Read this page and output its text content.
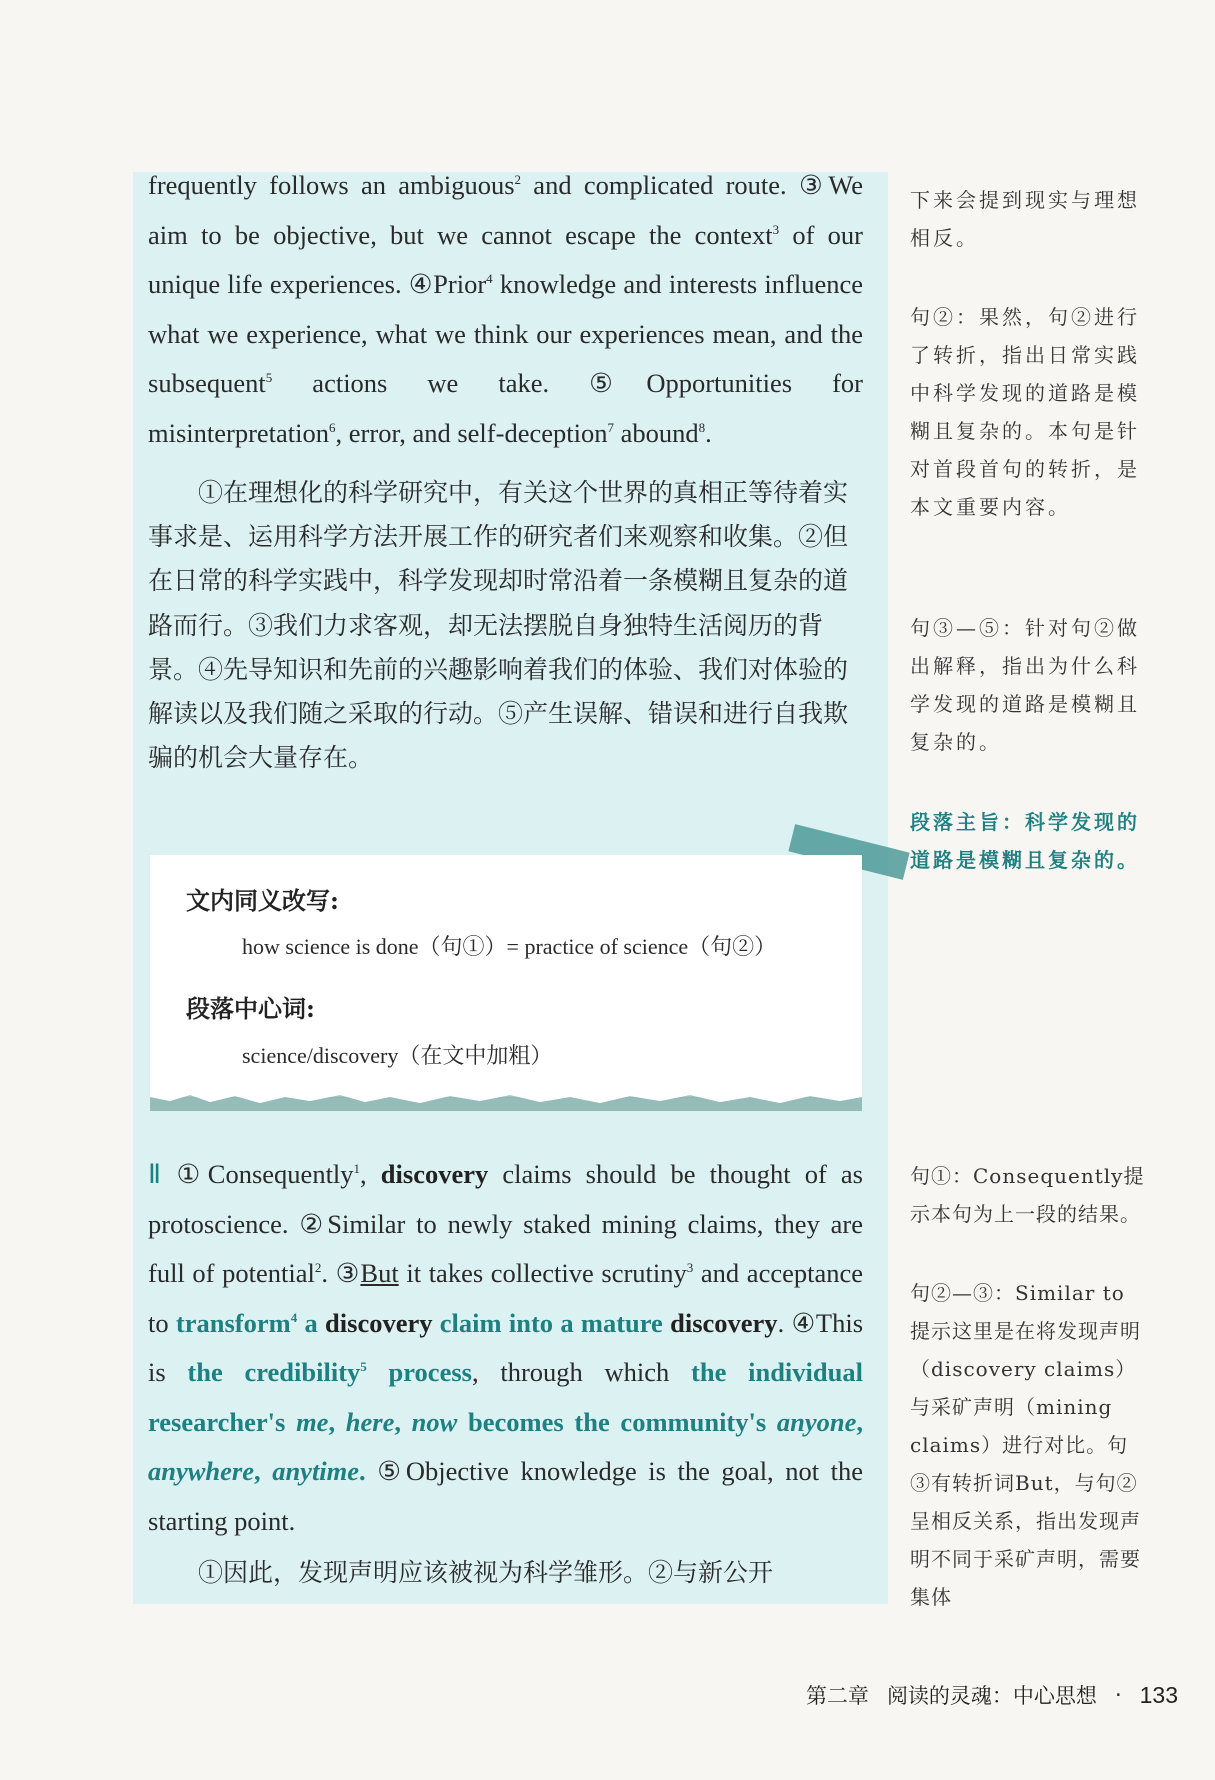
frequently follows an ambiguous$^2$ and complicated route. ③We aim to be objective, but we cannot escape the context$^3$ of our unique life experiences. ④Prior$^4$ knowledge and interests influence what we experience, what we think our experiences mean, and the subsequent$^5$ actions we take. ⑤Opportunities for misinterpretation$^6$, error, and self-deception$^7$ abound$^8$.

①在理想化的科学研究中，有关这个世界的真相正等待着实事求是、运用科学方法开展工作的研究者们来观察和收集。②但在日常的科学实践中，科学发现却时常沿着一条模糊且复杂的道路而行。③我们力求客观，却无法摆脱自身独特生活阅历的背景。④先导知识和先前的兴趣影响着我们的体验、我们对体验的解读以及我们随之采取的行动。⑤产生误解、错误和进行自我欺骗的机会大量存在。

文内同义改写:
how science is done（句①）= practice of science（句②）
段落中心词:
science/discovery（在文中加粗）

Ⅱ ①Consequently$^1$, discovery claims should be thought of as protoscience. ②Similar to newly staked mining claims, they are full of potential$^2$. ③But it takes collective scrutiny$^3$ and acceptance to transform$^4$ a discovery claim into a mature discovery. ④This is the credibility$^5$ process, through which the individual researcher's me, here, now becomes the community's anyone, anywhere, anytime. ⑤Objective knowledge is the goal, not the starting point.

①因此，发现声明应该被视为科学雏形。②与新公开

下来会提到现实与理想相反。

句②：果然，句②进行了转折，指出日常实践中科学发现的道路是模糊且复杂的。本句是针对首段首句的转折，是本文重要内容。

句③—⑤：针对句②做出解释，指出为什么科学发现的道路是模糊且复杂的。

段落主旨：科学发现的道路是模糊且复杂的。

句①：Consequently提示本句为上一段的结果。

句②—③：Similar to提示这里是在将发现声明（discovery claims）与采矿声明（mining claims）进行对比。句③有转折词But，与句②呈相反关系，指出发现声明不同于采矿声明，需要集体

第二章 阅读的灵魂：中心思想 · 133
